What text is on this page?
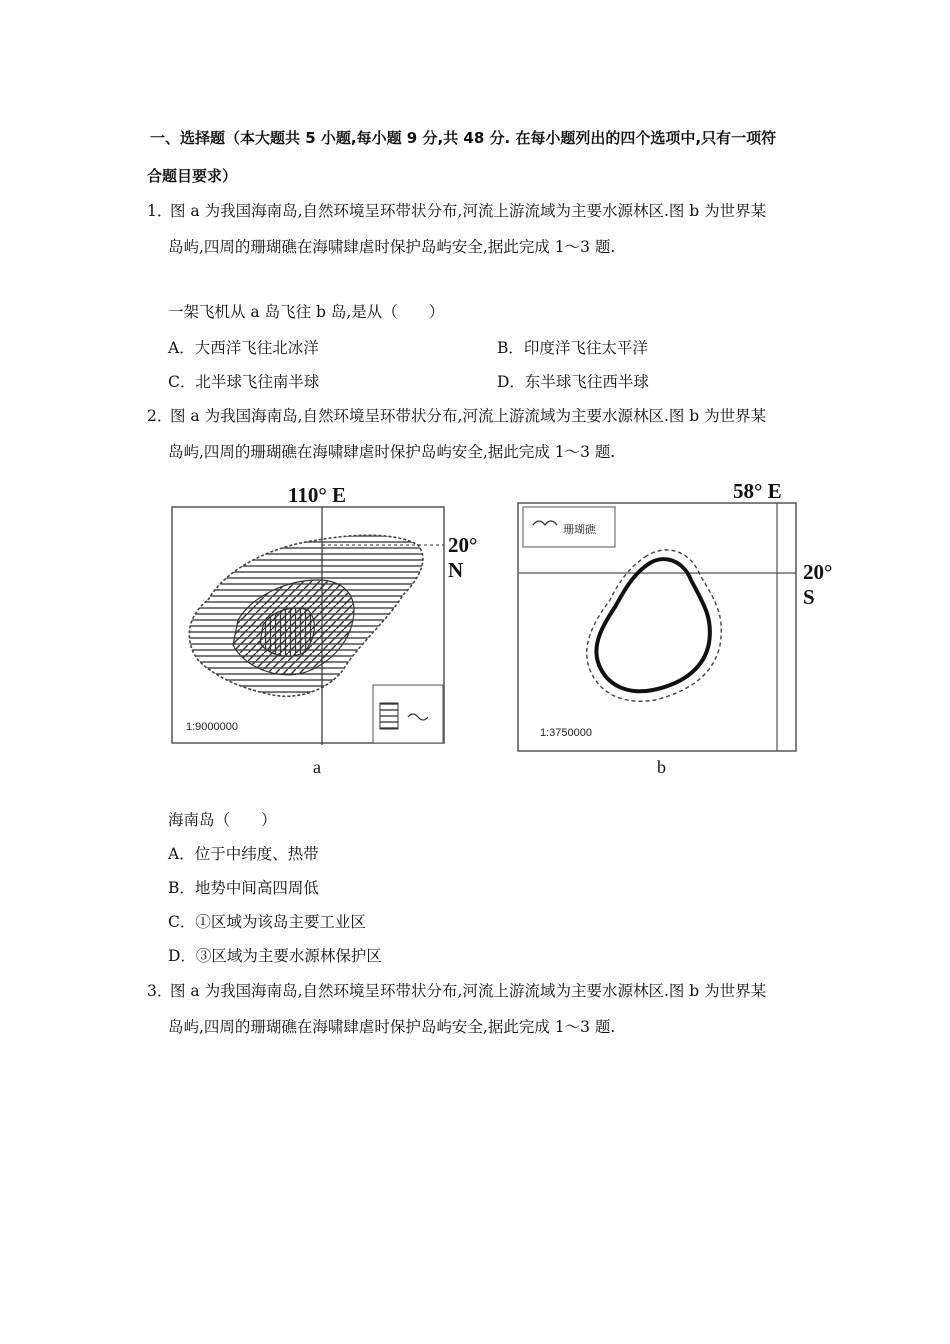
一、选择题（本大题共 5 小题,每小题 9 分,共 48 分. 在每小题列出的四个选项中,只有一项符
合题目要求）
1．
图 a 为我国海南岛,自然环境呈环带状分布,河流上游流域为主要水源林区.图 b 为世界某
岛屿,四周的珊瑚礁在海啸肆虐时保护岛屿安全,据此完成 1～3 题.
一架飞机从 a 岛飞往 b 岛,是从（　　）
A．大西洋飞往北冰洋	B．印度洋飞往太平洋
C．北半球飞往南半球	D．东半球飞往西半球
2．
图 a 为我国海南岛,自然环境呈环带状分布,河流上游流域为主要水源林区.图 b 为世界某
岛屿,四周的珊瑚礁在海啸肆虐时保护岛屿安全,据此完成 1～3 题.
110° E
20° N
1:9000000
a
珊瑚礁
58° E
20° S
1:3750000
b
海南岛（　　）
A．位于中纬度、热带
B．地势中间高四周低
C．①区域为该岛主要工业区
D．③区域为主要水源林保护区
3．
图 a 为我国海南岛,自然环境呈环带状分布,河流上游流域为主要水源林区.图 b 为世界某
岛屿,四周的珊瑚礁在海啸肆虐时保护岛屿安全,据此完成 1～3 题.
